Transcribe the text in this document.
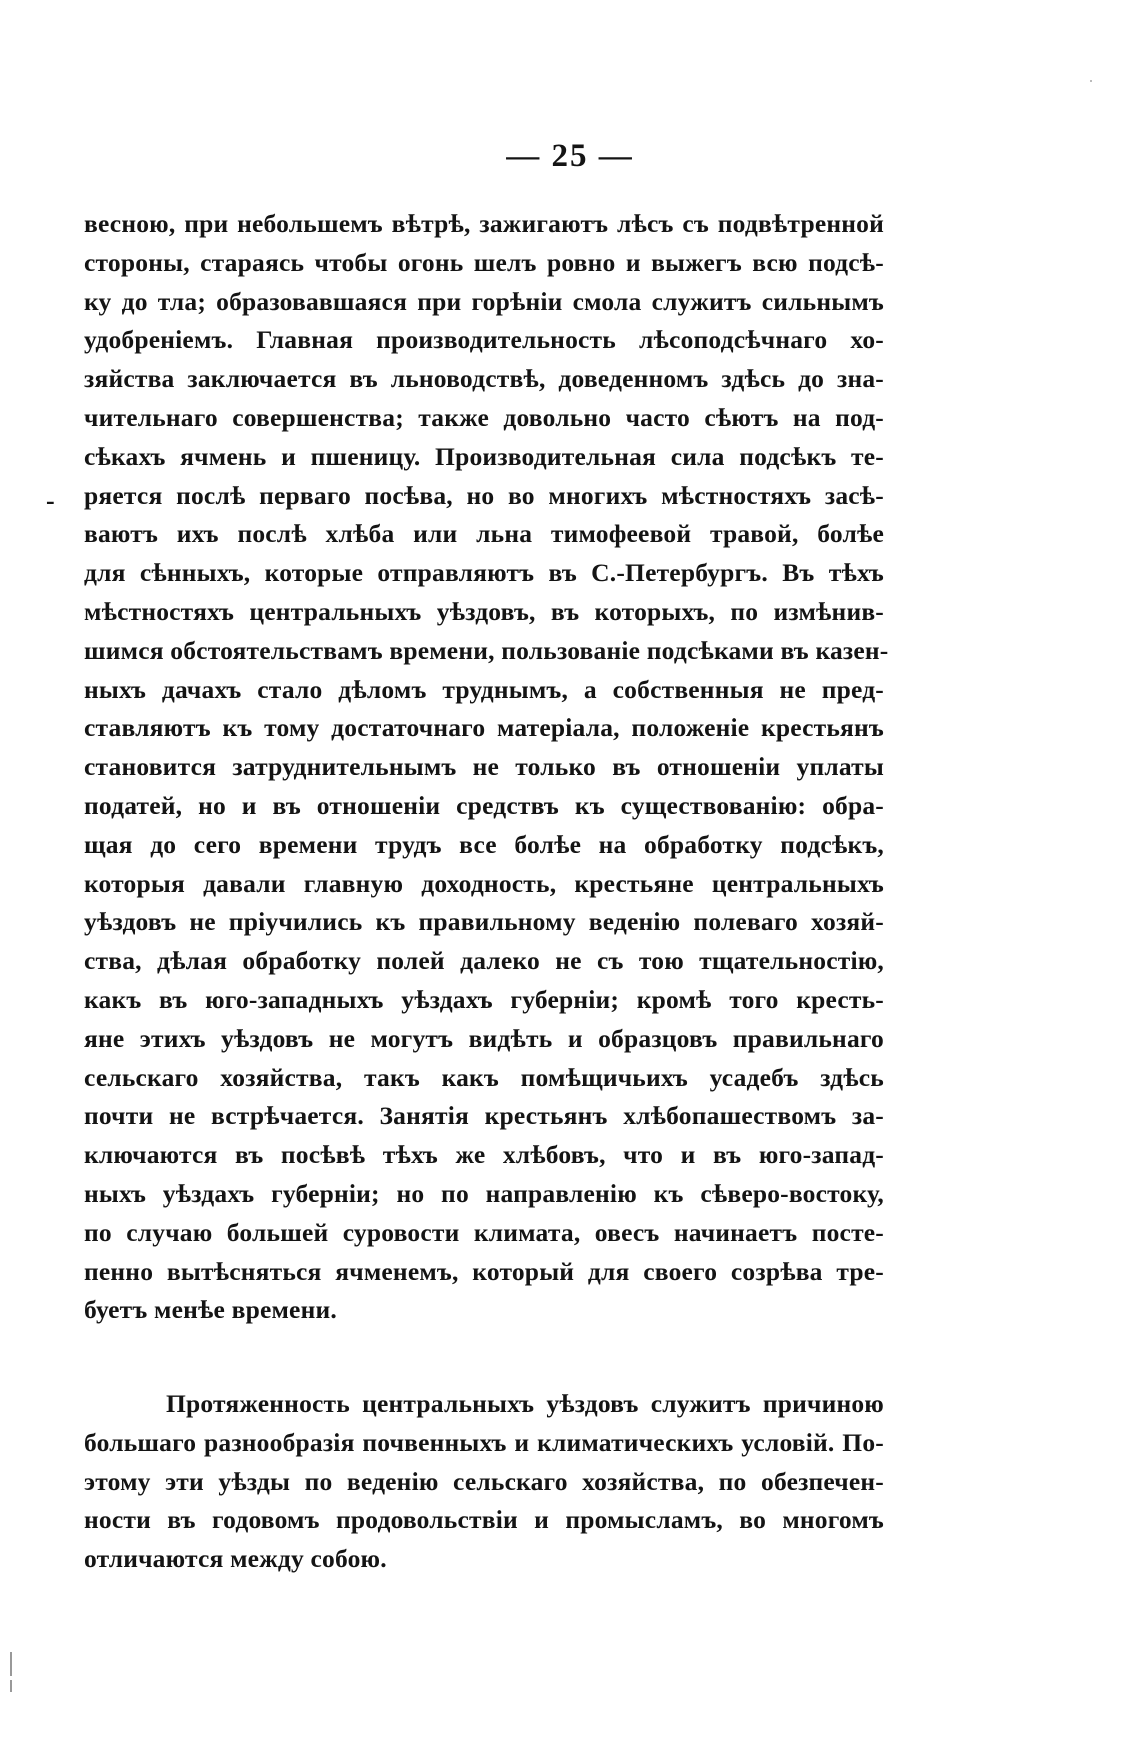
— 25 —
-
весною, при небольшемъ вѣтрѣ, зажигаютъ лѣсъ съ подвѣтренной
стороны, стараясь чтобы огонь шелъ ровно и выжегъ всю подсѣ-
ку до тла; образовавшаяся при горѣніи смола служитъ сильнымъ
удобреніемъ. Главная производительность лѣсоподсѣчнаго хо-
зяйства заключается въ льноводствѣ, доведенномъ здѣсь до зна-
чительнаго совершенства; также довольно часто сѣютъ на под-
сѣкахъ ячмень и пшеницу. Производительная сила подсѣкъ те-
ряется послѣ перваго посѣва, но во многихъ мѣстностяхъ засѣ-
ваютъ ихъ послѣ хлѣба или льна тимофеевой травой, болѣе
для сѣнныхъ, которые отправляютъ въ С.-Петербургъ. Въ тѣхъ
мѣстностяхъ центральныхъ уѣздовъ, въ которыхъ, по измѣнив-
шимся обстоятельствамъ времени, пользованіе подсѣками въ казен-
ныхъ дачахъ стало дѣломъ труднымъ, а собственныя не пред-
ставляютъ къ тому достаточнаго матеріала, положеніе крестьянъ
становится затруднительнымъ не только въ отношеніи уплаты
податей, но и въ отношеніи средствъ къ существованію: обра-
щая до сего времени трудъ все болѣе на обработку подсѣкъ,
которыя давали главную доходность, крестьяне центральныхъ
уѣздовъ не пріучились къ правильному веденію полеваго хозяй-
ства, дѣлая обработку полей далеко не съ тою тщательностію,
какъ въ юго-западныхъ уѣздахъ губерніи; кромѣ того кресть-
яне этихъ уѣздовъ не могутъ видѣть и образцовъ правильнаго
сельскаго хозяйства, такъ какъ помѣщичьихъ усадебъ здѣсь
почти не встрѣчается. Занятія крестьянъ хлѣбопашествомъ за-
ключаются въ посѣвѣ тѣхъ же хлѣбовъ, что и въ юго-запад-
ныхъ уѣздахъ губерніи; но по направленію къ сѣверо-востоку,
по случаю большей суровости климата, овесъ начинаетъ посте-
пенно вытѣсняться ячменемъ, который для своего созрѣва тре-
буетъ менѣе времени.
Протяженность центральныхъ уѣздовъ служитъ причиною
большаго разнообразія почвенныхъ и климатическихъ условій. По-
этому эти уѣзды по веденію сельскаго хозяйства, по обезпечен-
ности въ годовомъ продовольствіи и промысламъ, во многомъ
отличаются между собою.
